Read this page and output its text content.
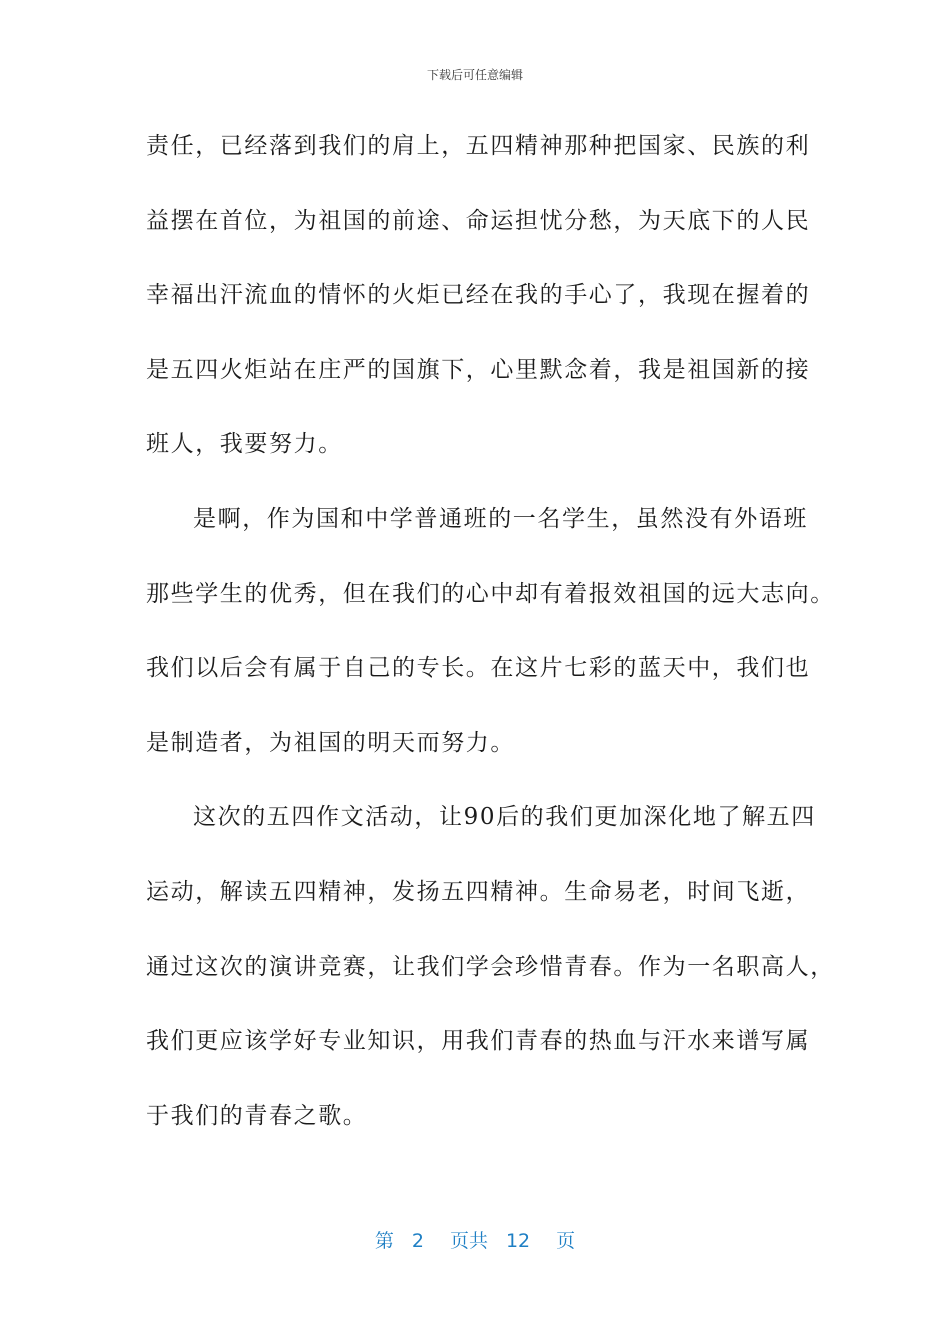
下载后可任意编辑
责任，已经落到我们的肩上，五四精神那种把国家、民族的利
益摆在首位，为祖国的前途、命运担忧分愁，为天底下的人民
幸福出汗流血的情怀的火炬已经在我的手心了，我现在握着的
是五四火炬站在庄严的国旗下，心里默念着，我是祖国新的接
班人，我要努力。
是啊，作为国和中学普通班的一名学生，虽然没有外语班
那些学生的优秀，但在我们的心中却有着报效祖国的远大志向。
我们以后会有属于自己的专长。在这片七彩的蓝天中，我们也
是制造者，为祖国的明天而努力。
这次的五四作文活动，让90后的我们更加深化地了解五四
运动，解读五四精神，发扬五四精神。生命易老，时间飞逝，
通过这次的演讲竞赛，让我们学会珍惜青春。作为一名职高人，
我们更应该学好专业知识，用我们青春的热血与汗水来谱写属
于我们的青春之歌。
第 2 页共 12 页
